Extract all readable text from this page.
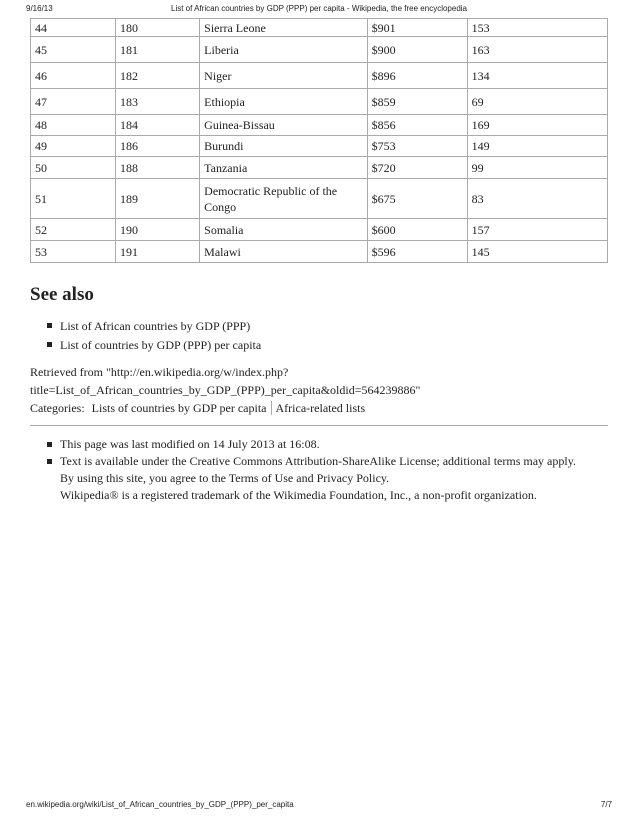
9/16/13	List of African countries by GDP (PPP) per capita - Wikipedia, the free encyclopedia
44	180	Sierra Leone	$901	153
45	181	Liberia	$900	163
46	182	Niger	$896	134
47	183	Ethiopia	$859	69
48	184	Guinea-Bissau	$856	169
49	186	Burundi	$753	149
50	188	Tanzania	$720	99
51	189	Democratic Republic of the Congo	$675	83
52	190	Somalia	$600	157
53	191	Malawi	$596	145
See also
List of African countries by GDP (PPP)
List of countries by GDP (PPP) per capita
Retrieved from "http://en.wikipedia.org/w/index.php?
title=List_of_African_countries_by_GDP_(PPP)_per_capita&oldid=564239886"
Categories: Lists of countries by GDP per capita Africa-related lists
This page was last modified on 14 July 2013 at 16:08.
Text is available under the Creative Commons Attribution-ShareAlike License; additional terms may apply.
By using this site, you agree to the Terms of Use and Privacy Policy.
Wikipedia® is a registered trademark of the Wikimedia Foundation, Inc., a non-profit organization.
en.wikipedia.org/wiki/List_of_African_countries_by_GDP_(PPP)_per_capita	7/7
